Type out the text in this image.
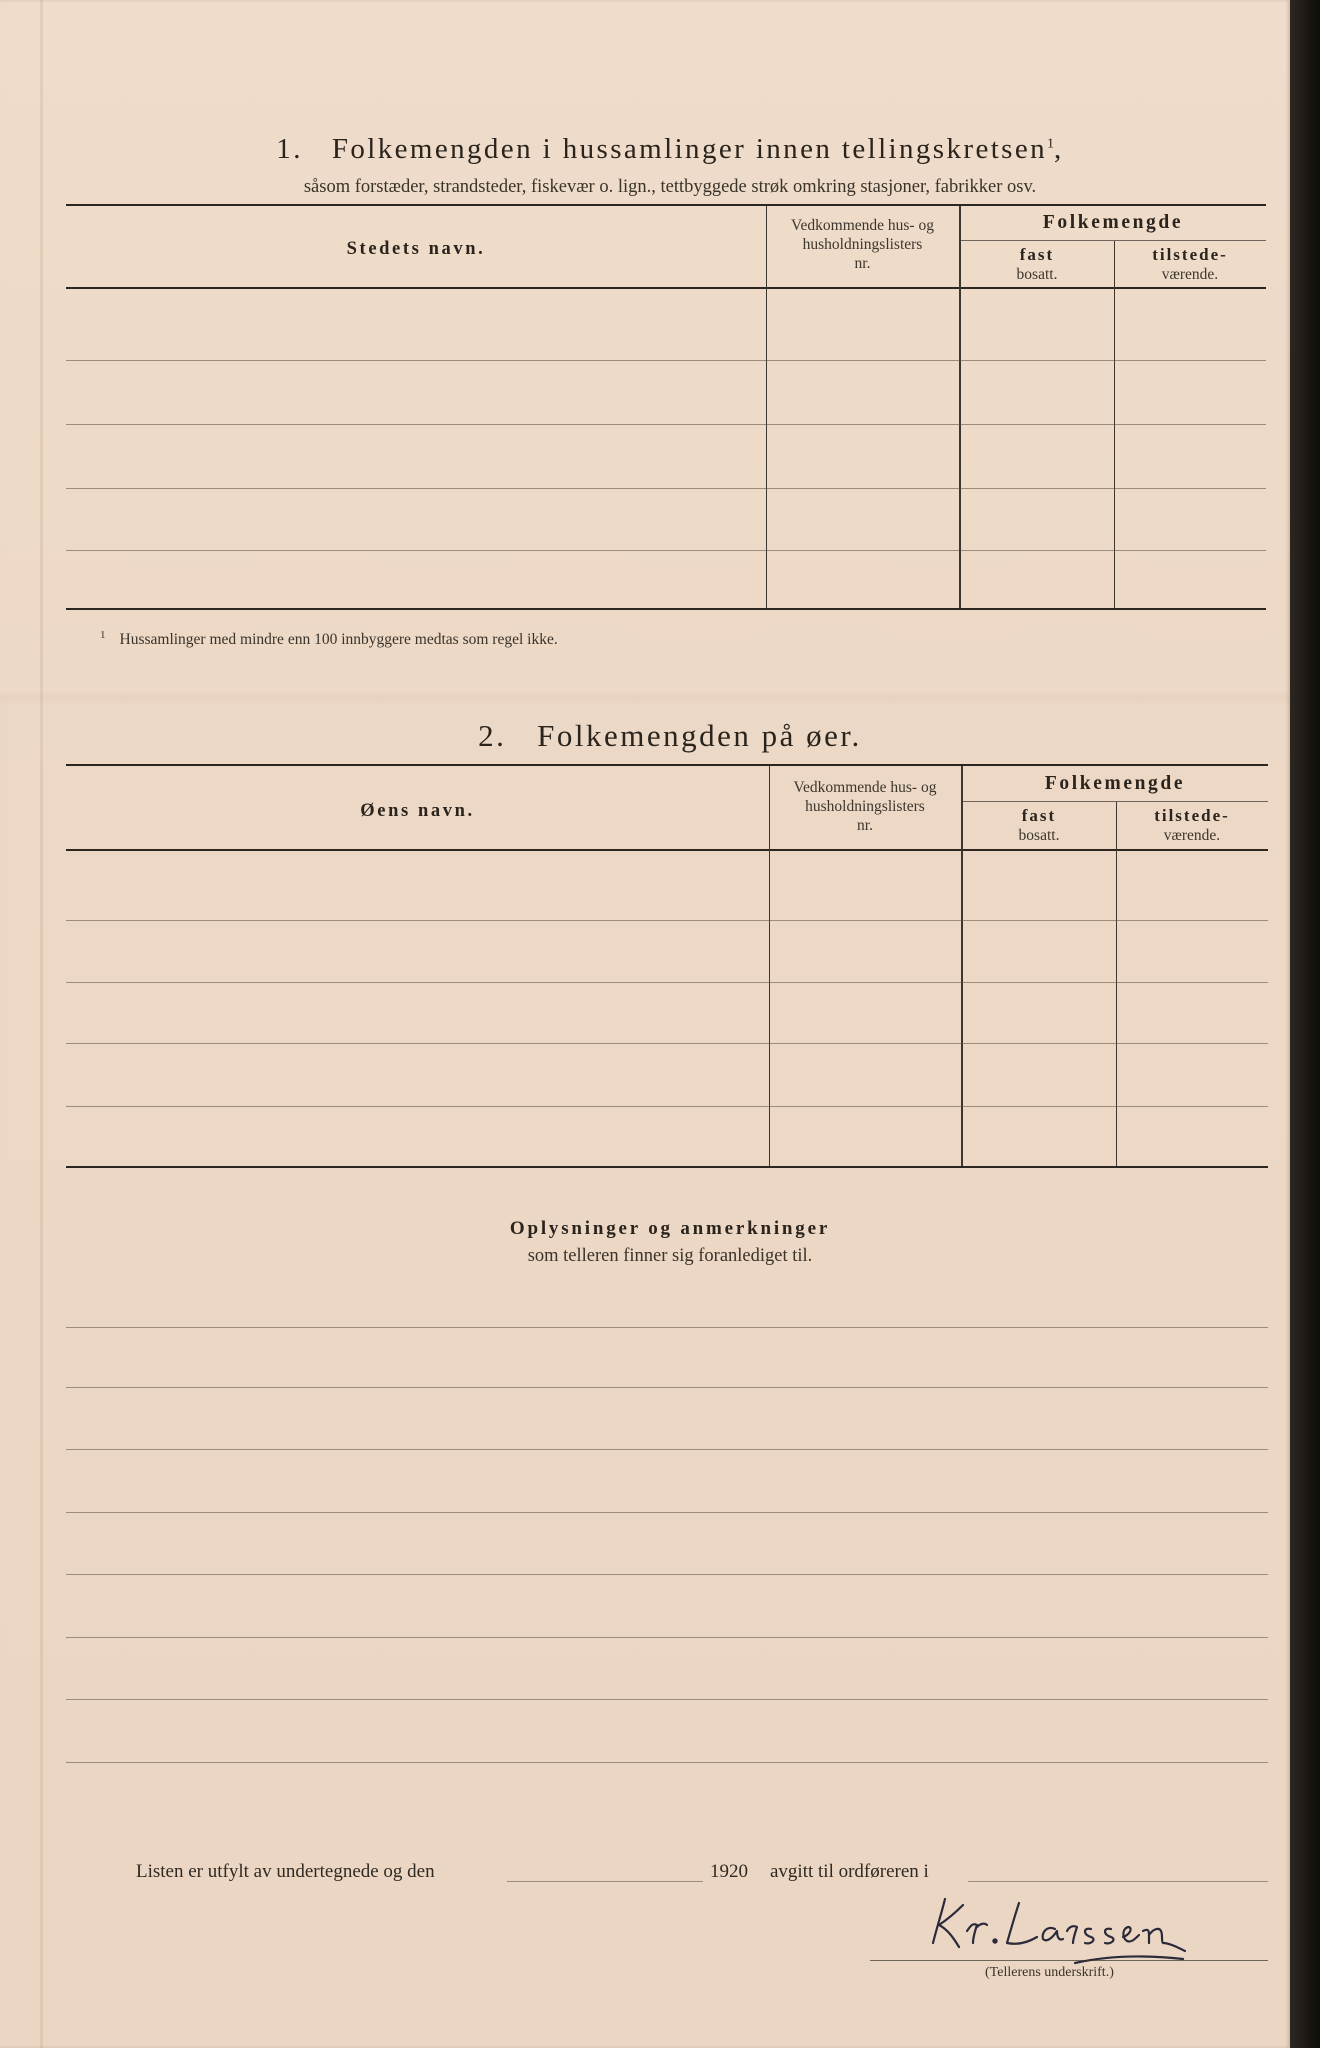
1. Folkemengden i hussamlinger innen tellingskretsen$^1$,
såsom forstæder, strandsteder, fiskevær o. lign., tettbyggede strøk omkring stasjoner, fabrikker osv.
Stedets navn.
Vedkommende hus- og
husholdningslisters
nr.
Folkemengde
fast
bosatt.
tilstede-
værende.
$^1$ Hussamlinger med mindre enn 100 innbyggere medtas som regel ikke.
2. Folkemengden på øer.
Øens navn.
Vedkommende hus- og
husholdningslisters
nr.
Folkemengde
fast
bosatt.
tilstede-
værende.
Oplysninger og anmerkninger
som telleren finner sig foranlediget til.
Listen er utfylt av undertegnede og den	1920 avgitt til ordføreren i
(Tellerens underskrift.)
